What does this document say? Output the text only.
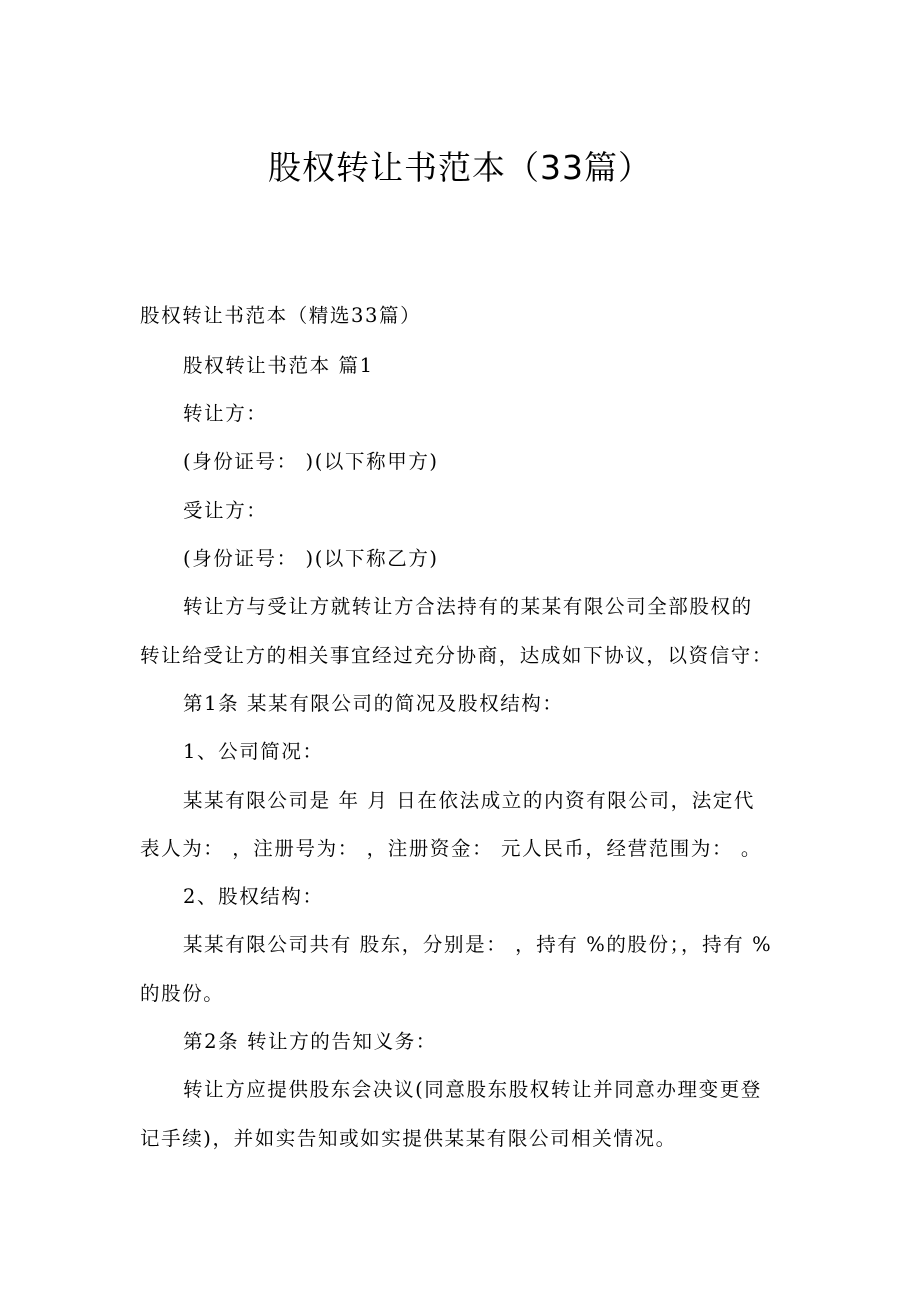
股权转让书范本（33篇）
股权转让书范本（精选33篇）
股权转让书范本 篇1
转让方：
(身份证号： )(以下称甲方)
受让方：
(身份证号： )(以下称乙方)
转让方与受让方就转让方合法持有的某某有限公司全部股权的
转让给受让方的相关事宜经过充分协商，达成如下协议，以资信守：
第1条 某某有限公司的简况及股权结构：
1、公司简况：
某某有限公司是 年 月 日在依法成立的内资有限公司，法定代
表人为： ，注册号为： ，注册资金： 元人民币，经营范围为： 。
2、股权结构：
某某有限公司共有 股东，分别是： ，持有 %的股份；，持有 %
的股份。
第2条 转让方的告知义务：
转让方应提供股东会决议(同意股东股权转让并同意办理变更登
记手续)，并如实告知或如实提供某某有限公司相关情况。
